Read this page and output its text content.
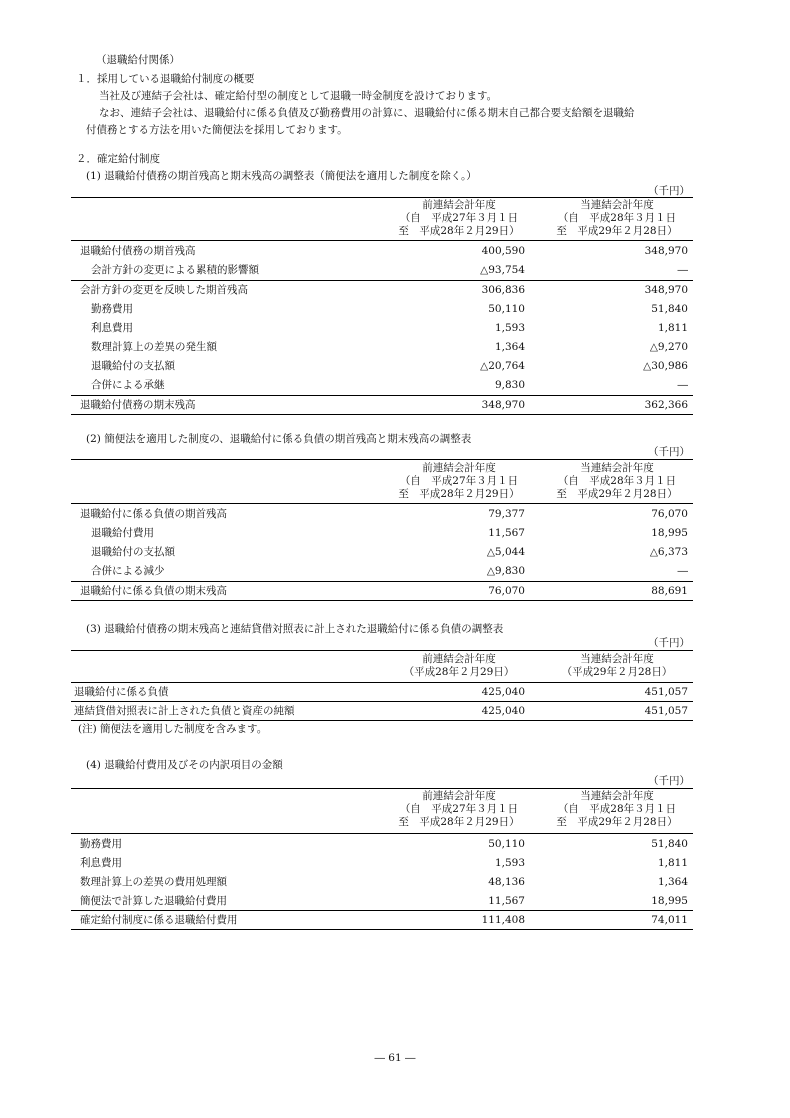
（退職給付関係）
１．採用している退職給付制度の概要
当社及び連結子会社は、確定給付型の制度として退職一時金制度を設けております。
なお、連結子会社は、退職給付に係る負債及び勤務費用の計算に、退職給付に係る期末自己都合要支給額を退職給
付債務とする方法を用いた簡便法を採用しております。
２．確定給付制度
(1) 退職給付債務の期首残高と期末残高の調整表（簡便法を適用した制度を除く。）
（千円）
前連結会計年度
（自　平成27年３月１日
至　平成28年２月29日）
当連結会計年度
（自　平成28年３月１日
至　平成29年２月28日）
退職給付債務の期首残高	400,590	348,970
会計方針の変更による累積的影響額	△93,754	―
会計方針の変更を反映した期首残高	306,836	348,970
勤務費用	50,110	51,840
利息費用	1,593	1,811
数理計算上の差異の発生額	1,364	△9,270
退職給付の支払額	△20,764	△30,986
合併による承継	9,830	―
退職給付債務の期末残高	348,970	362,366
(2) 簡便法を適用した制度の、退職給付に係る負債の期首残高と期末残高の調整表
（千円）
前連結会計年度
（自　平成27年３月１日
至　平成28年２月29日）
当連結会計年度
（自　平成28年３月１日
至　平成29年２月28日）
退職給付に係る負債の期首残高	79,377	76,070
退職給付費用	11,567	18,995
退職給付の支払額	△5,044	△6,373
合併による減少	△9,830	―
退職給付に係る負債の期末残高	76,070	88,691
(3) 退職給付債務の期末残高と連結貸借対照表に計上された退職給付に係る負債の調整表
（千円）
前連結会計年度
（平成28年２月29日）
当連結会計年度
（平成29年２月28日）
退職給付に係る負債	425,040	451,057
連結貸借対照表に計上された負債と資産の純額	425,040	451,057
(注) 簡便法を適用した制度を含みます。
(4) 退職給付費用及びその内訳項目の金額
（千円）
前連結会計年度
（自　平成27年３月１日
至　平成28年２月29日）
当連結会計年度
（自　平成28年３月１日
至　平成29年２月28日）
勤務費用	50,110	51,840
利息費用	1,593	1,811
数理計算上の差異の費用処理額	48,136	1,364
簡便法で計算した退職給付費用	11,567	18,995
確定給付制度に係る退職給付費用	111,408	74,011
― 61 ―
